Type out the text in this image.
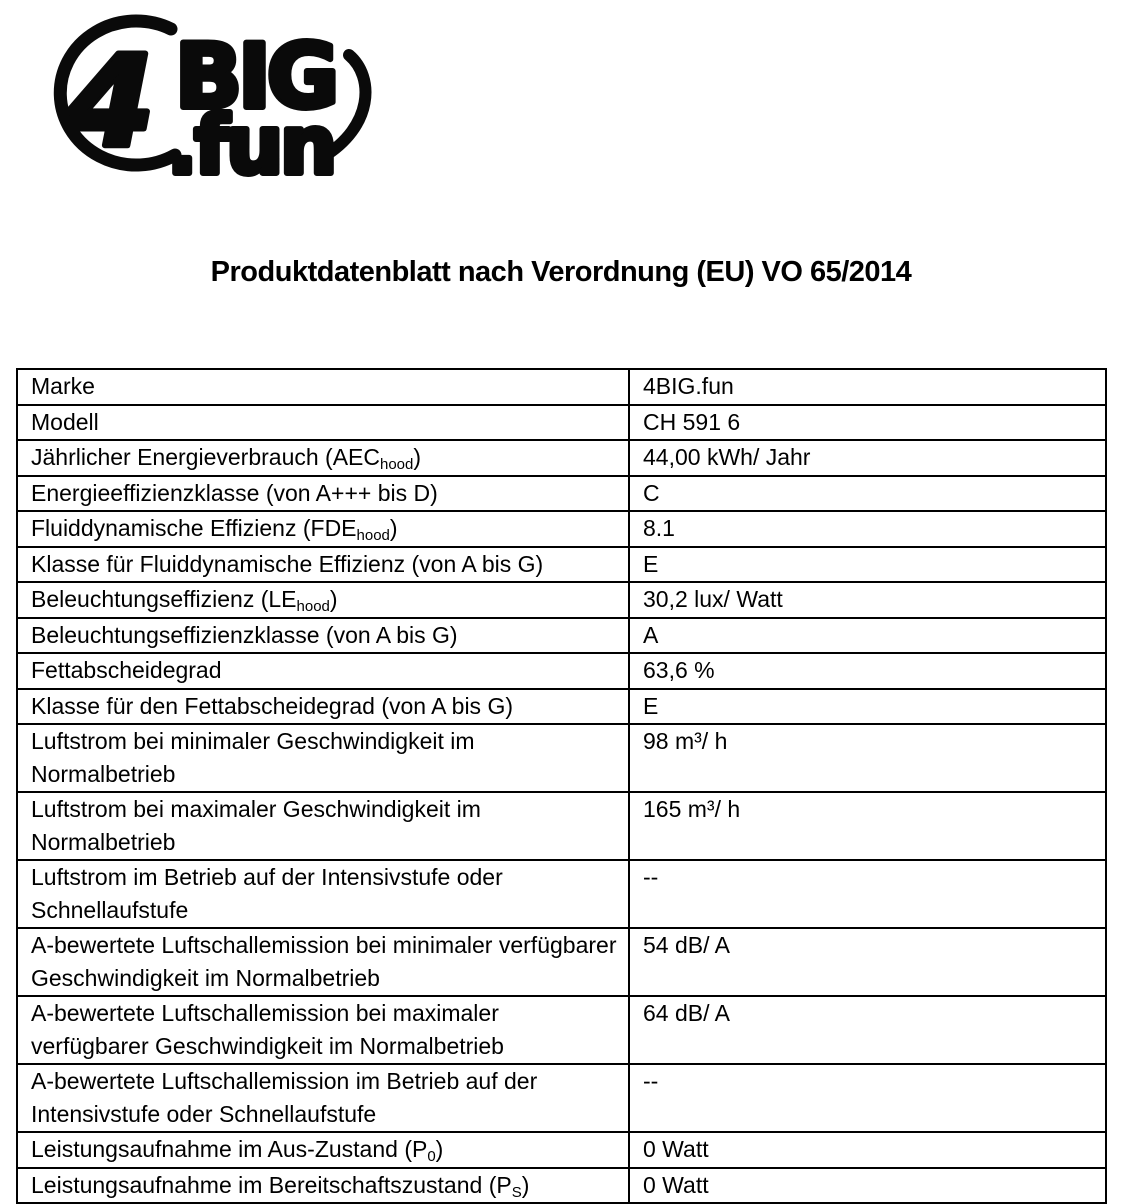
4 BIG
.fun
Produktdatenblatt nach Verordnung (EU) VO 65/2014
Marke	4BIG.fun
Modell	CH 591 6
Jährlicher Energieverbrauch $(AEC_{hood})$	44,00 kWh/ Jahr
Energieeffizienzklasse (von A+++ bis D)	C
Fluiddynamische Effizienz $(FDE_{hood})$	8.1
Klasse für Fluiddynamische Effizienz (von A bis G)	E
Beleuchtungseffizienz $(LE_{hood})$	30,2 lux/ Watt
Beleuchtungseffizienzklasse (von A bis G)	A
Fettabscheidegrad	63,6 %
Klasse für den Fettabscheidegrad (von A bis G)	E
Luftstrom bei minimaler Geschwindigkeit im Normalbetrieb	98 m³/ h
Luftstrom bei maximaler Geschwindigkeit im Normalbetrieb	165 m³/ h
Luftstrom im Betrieb auf der Intensivstufe oder Schnellaufstufe	--
A-bewertete Luftschallemission bei minimaler verfügbarer Geschwindigkeit im Normalbetrieb	54 dB/ A
A-bewertete Luftschallemission bei maximaler verfügbarer Geschwindigkeit im Normalbetrieb	64 dB/ A
A-bewertete Luftschallemission im Betrieb auf der Intensivstufe oder Schnellaufstufe	--
Leistungsaufnahme im Aus-Zustand $(P_0)$	0 Watt
Leistungsaufnahme im Bereitschaftszustand $(P_S)$	0 Watt
